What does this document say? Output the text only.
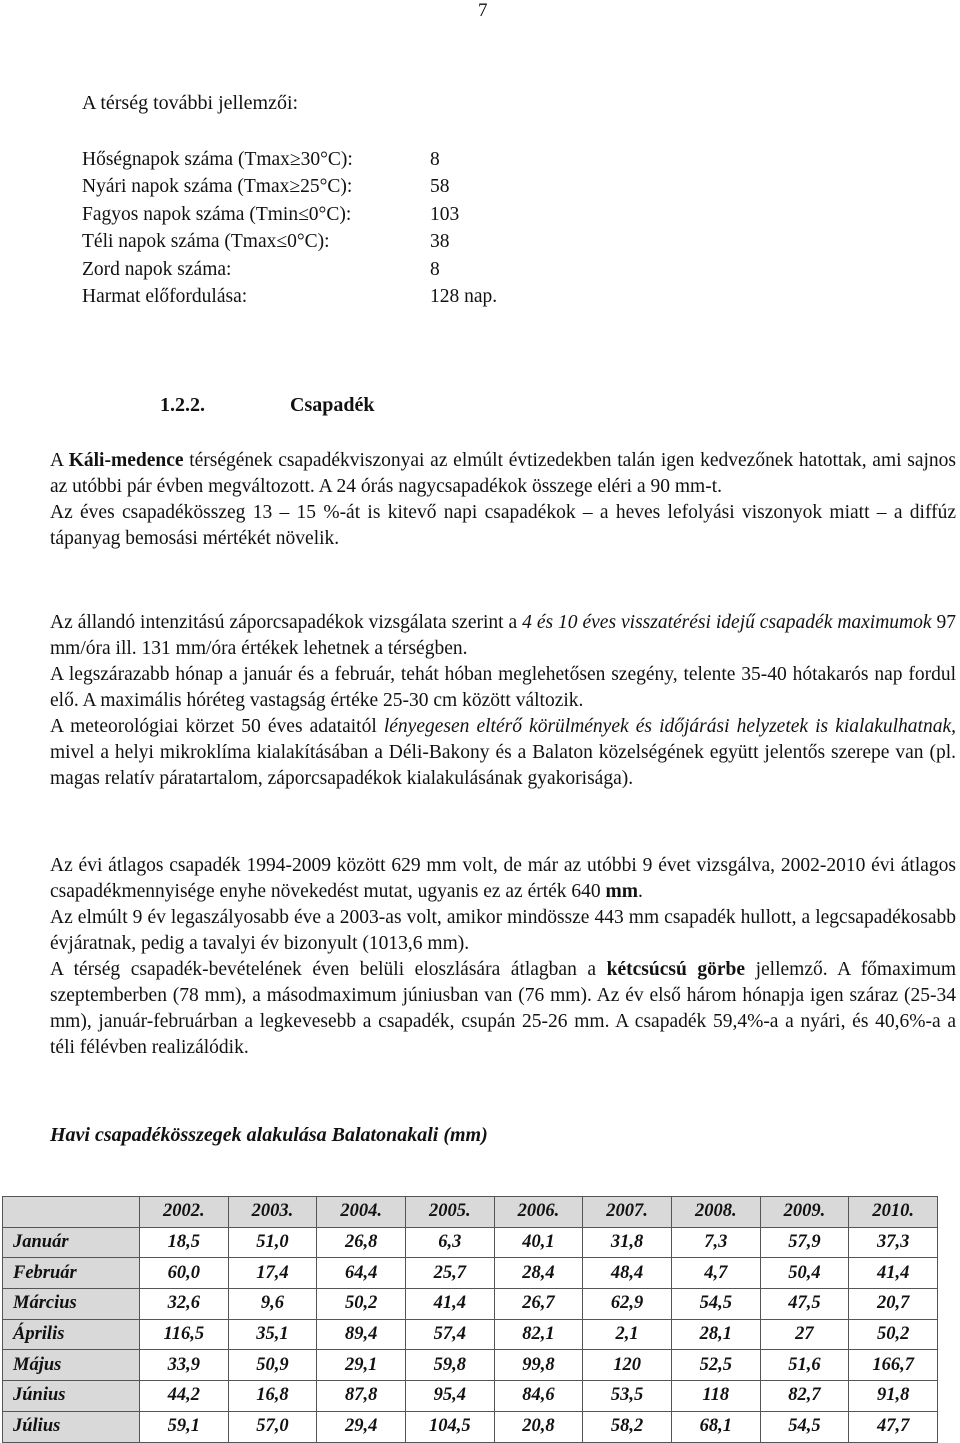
7
A térség további jellemzői:
Hőségnapok száma (Tmax≥30°C):	8
Nyári napok száma (Tmax≥25°C):	58
Fagyos napok száma (Tmin≤0°C):	103
Téli napok száma (Tmax≤0°C):	38
Zord napok száma:	8
Harmat előfordulása:	128 nap.
1.2.2.	Csapadék

A Káli-medence térségének csapadékviszonyai az elmúlt évtizedekben talán igen kedvezőnek hatottak, ami sajnos az utóbbi pár évben megváltozott. A 24 órás nagycsapadékok összege eléri a 90 mm-t.
Az éves csapadékösszeg 13 – 15 %-át is kitevő napi csapadékok – a heves lefolyási viszonyok miatt – a diffúz tápanyag bemosási mértékét növelik.

Az állandó intenzitású záporcsapadékok vizsgálata szerint a 4 és 10 éves visszatérési idejű csapadék maximumok 97 mm/óra ill. 131 mm/óra értékek lehetnek a térségben.
A legszárazabb hónap a január és a február, tehát hóban meglehetősen szegény, telente 35-40 hótakarós nap fordul elő. A maximális hóréteg vastagság értéke 25-30 cm között változik.
A meteorológiai körzet 50 éves adataitól lényegesen eltérő körülmények és időjárási helyzetek is kialakulhatnak, mivel a helyi mikroklíma kialakításában a Déli-Bakony és a Balaton közelségének együtt jelentős szerepe van (pl. magas relatív páratartalom, záporcsapadékok kialakulásának gyakorisága).

Az évi átlagos csapadék 1994-2009 között 629 mm volt, de már az utóbbi 9 évet vizsgálva, 2002-2010 évi átlagos csapadékmennyisége enyhe növekedést mutat, ugyanis ez az érték 640 mm.
Az elmúlt 9 év legaszályosabb éve a 2003-as volt, amikor mindössze 443 mm csapadék hullott, a legcsapadékosabb évjáratnak, pedig a tavalyi év bizonyult (1013,6 mm).
A térség csapadék-bevételének éven belüli eloszlására átlagban a kétcsúcsú görbe jellemző. A főmaximum szeptemberben (78 mm), a másodmaximum júniusban van (76 mm). Az év első három hónapja igen száraz (25-34 mm), január-februárban a legkevesebb a csapadék, csupán 25-26 mm. A csapadék 59,4%-a a nyári, és 40,6%-a a téli félévben realizálódik.

Havi csapadékösszegek alakulása Balatonakali (mm)
	2002.	2003.	2004.	2005.	2006.	2007.	2008.	2009.	2010.
Január	18,5	51,0	26,8	6,3	40,1	31,8	7,3	57,9	37,3
Február	60,0	17,4	64,4	25,7	28,4	48,4	4,7	50,4	41,4
Március	32,6	9,6	50,2	41,4	26,7	62,9	54,5	47,5	20,7
Április	116,5	35,1	89,4	57,4	82,1	2,1	28,1	27	50,2
Május	33,9	50,9	29,1	59,8	99,8	120	52,5	51,6	166,7
Június	44,2	16,8	87,8	95,4	84,6	53,5	118	82,7	91,8
Július	59,1	57,0	29,4	104,5	20,8	58,2	68,1	54,5	47,7
